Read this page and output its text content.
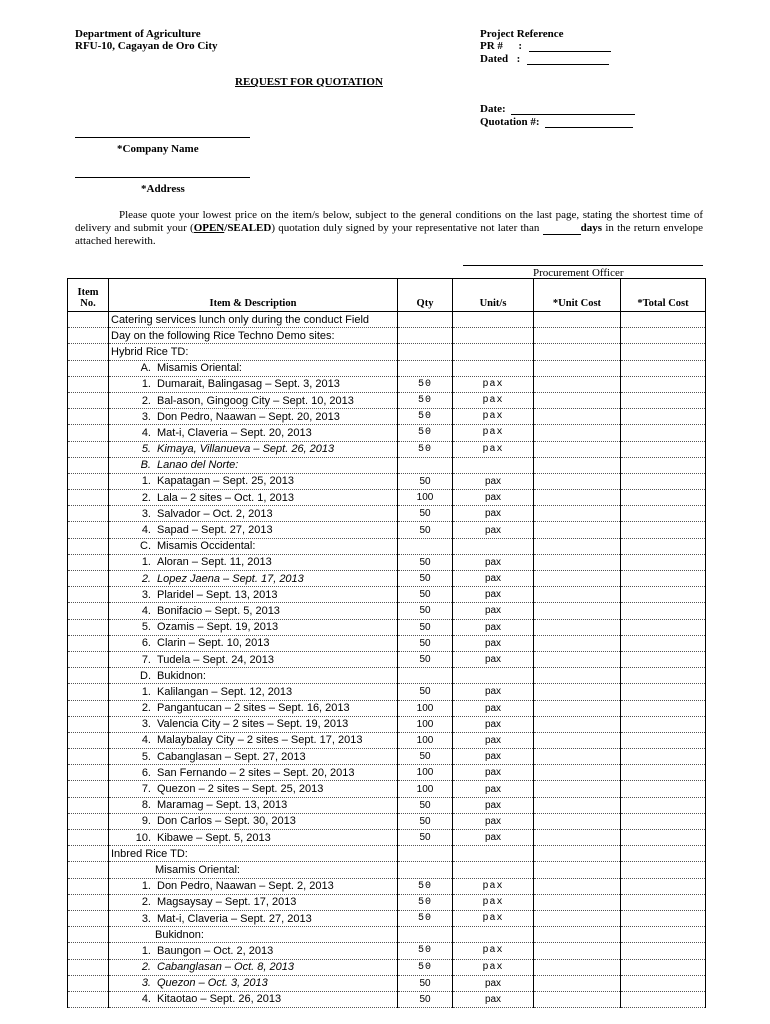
Department of Agriculture
RFU-10, Cagayan de Oro City
Project Reference
PR # :
Dated :
REQUEST FOR QUOTATION
Date:
Quotation #:
*Company Name
*Address
Please quote your lowest price on the item/s below, subject to the general conditions on the last page, stating the shortest time of delivery and submit your (OPEN/SEALED) quotation duly signed by your representative not later than	days in the return envelope attached herewith.
Procurement Officer
Item
No.	Item & Description	Qty	Unit/s	*Unit Cost	*Total Cost
	Catering services lunch only during the conduct Field				
	Day on the following Rice Techno Demo sites:				
	Hybrid Rice TD:				
	A. Misamis Oriental:				
	1. Dumarait, Balingasag – Sept. 3, 2013	50	pax		
	2. Bal-ason, Gingoog City – Sept. 10, 2013	50	pax		
	3. Don Pedro, Naawan – Sept. 20, 2013	50	pax		
	4. Mat-i, Claveria – Sept. 20, 2013	50	pax		
	5. Kimaya, Villanueva – Sept. 26, 2013	50	pax		
	B. Lanao del Norte:				
	1. Kapatagan – Sept. 25, 2013	50	pax		
	2. Lala – 2 sites – Oct. 1, 2013	100	pax		
	3. Salvador – Oct. 2, 2013	50	pax		
	4. Sapad – Sept. 27, 2013	50	pax		
	C. Misamis Occidental:				
	1. Aloran – Sept. 11, 2013	50	pax		
	2. Lopez Jaena – Sept. 17, 2013	50	pax		
	3. Plaridel – Sept. 13, 2013	50	pax		
	4. Bonifacio – Sept. 5, 2013	50	pax		
	5. Ozamis – Sept. 19, 2013	50	pax		
	6. Clarin – Sept. 10, 2013	50	pax		
	7. Tudela – Sept. 24, 2013	50	pax		
	D. Bukidnon:				
	1. Kalilangan – Sept. 12, 2013	50	pax		
	2. Pangantucan – 2 sites – Sept. 16, 2013	100	pax		
	3. Valencia City – 2 sites – Sept. 19, 2013	100	pax		
	4. Malaybalay City – 2 sites – Sept. 17, 2013	100	pax		
	5. Cabanglasan – Sept. 27, 2013	50	pax		
	6. San Fernando – 2 sites – Sept. 20, 2013	100	pax		
	7. Quezon – 2 sites – Sept. 25, 2013	100	pax		
	8. Maramag – Sept. 13, 2013	50	pax		
	9. Don Carlos – Sept. 30, 2013	50	pax		
	10. Kibawe – Sept. 5, 2013	50	pax		
	Inbred Rice TD:				
	Misamis Oriental:				
	1. Don Pedro, Naawan – Sept. 2, 2013	50	pax		
	2. Magsaysay – Sept. 17, 2013	50	pax		
	3. Mat-i, Claveria – Sept. 27, 2013	50	pax		
	Bukidnon:				
	1. Baungon – Oct. 2, 2013	50	pax		
	2. Cabanglasan – Oct. 8, 2013	50	pax		
	3. Quezon – Oct. 3, 2013	50	pax		
	4. Kitaotao – Sept. 26, 2013	50	pax		
